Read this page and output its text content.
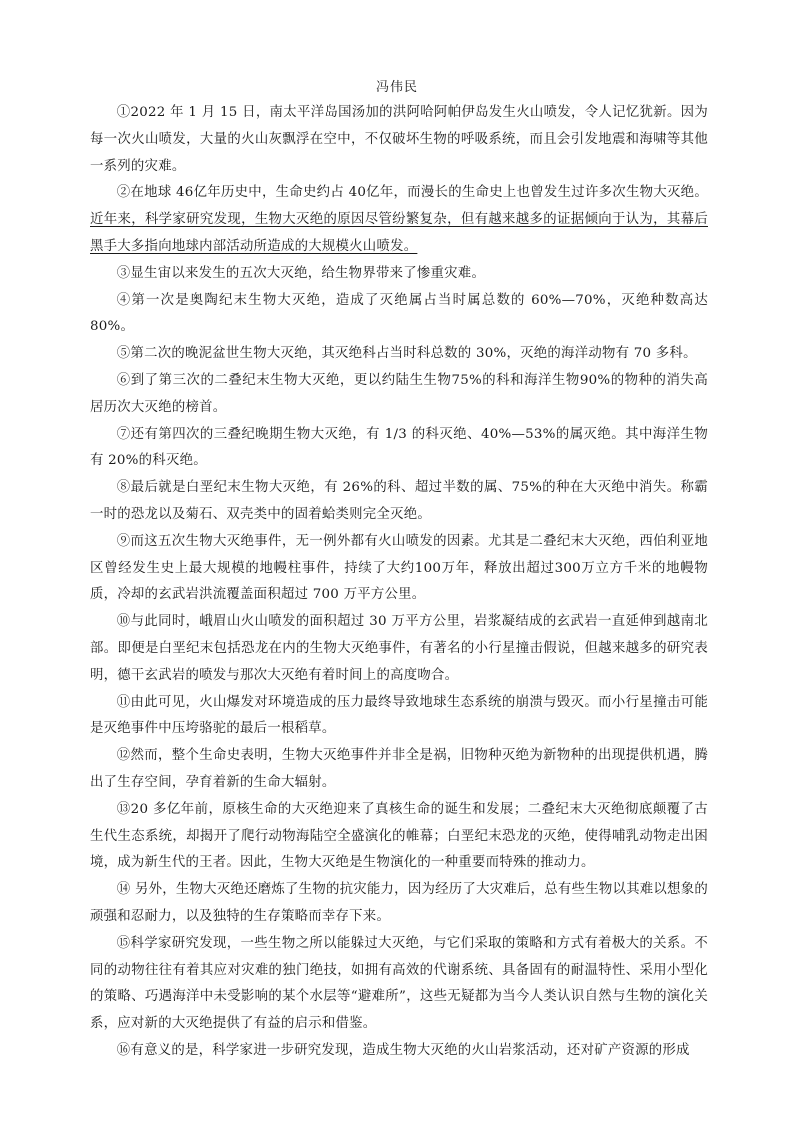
冯伟民

①2022 年 1 月 15 日，南太平洋岛国汤加的洪阿哈阿帕伊岛发生火山喷发，令人记忆犹新。因为每一次火山喷发，大量的火山灰飘浮在空中，不仅破坏生物的呼吸系统，而且会引发地震和海啸等其他一系列的灾难。

②在地球 46亿年历史中，生命史约占 40亿年，而漫长的生命史上也曾发生过许多次生物大灭绝。近年来，科学家研究发现，生物大灭绝的原因尽管纷繁复杂，但有越来越多的证据倾向于认为，其幕后黑手大多指向地球内部活动所造成的大规模火山喷发。

③显生宙以来发生的五次大灭绝，给生物界带来了惨重灾难。

④第一次是奥陶纪末生物大灭绝，造成了灭绝属占当时属总数的 60%—70%，灭绝种数高达 80%。

⑤第二次的晚泥盆世生物大灭绝，其灭绝科占当时科总数的 30%，灭绝的海洋动物有 70 多科。

⑥到了第三次的二叠纪末生物大灭绝，更以约陆生生物75%的科和海洋生物90%的物种的消失高居历次大灭绝的榜首。

⑦还有第四次的三叠纪晚期生物大灭绝，有 1/3 的科灭绝、40%—53%的属灭绝。其中海洋生物有 20%的科灭绝。

⑧最后就是白垩纪末生物大灭绝，有 26%的科、超过半数的属、75%的种在大灭绝中消失。称霸一时的恐龙以及菊石、双壳类中的固着蛤类则完全灭绝。

⑨而这五次生物大灭绝事件，无一例外都有火山喷发的因素。尤其是二叠纪末大灭绝，西伯利亚地区曾经发生史上最大规模的地幔柱事件，持续了大约100万年，释放出超过300万立方千米的地幔物质，冷却的玄武岩洪流覆盖面积超过 700 万平方公里。

⑩与此同时，峨眉山火山喷发的面积超过 30 万平方公里，岩浆凝结成的玄武岩一直延伸到越南北部。即便是白垩纪末包括恐龙在内的生物大灭绝事件，有著名的小行星撞击假说，但越来越多的研究表明，德干玄武岩的喷发与那次大灭绝有着时间上的高度吻合。

⑪由此可见，火山爆发对环境造成的压力最终导致地球生态系统的崩溃与毁灭。而小行星撞击可能是灭绝事件中压垮骆驼的最后一根稻草。

⑫然而，整个生命史表明，生物大灭绝事件并非全是祸，旧物种灭绝为新物种的出现提供机遇，腾出了生存空间，孕育着新的生命大辐射。

⑬20 多亿年前，原核生命的大灭绝迎来了真核生命的诞生和发展；二叠纪末大灭绝彻底颠覆了古生代生态系统，却揭开了爬行动物海陆空全盛演化的帷幕；白垩纪末恐龙的灭绝，使得哺乳动物走出困境，成为新生代的王者。因此，生物大灭绝是生物演化的一种重要而特殊的推动力。

⑭ 另外，生物大灭绝还磨炼了生物的抗灾能力，因为经历了大灾难后，总有些生物以其难以想象的顽强和忍耐力，以及独特的生存策略而幸存下来。

⑮科学家研究发现，一些生物之所以能躲过大灭绝，与它们采取的策略和方式有着极大的关系。不同的动物往往有着其应对灾难的独门绝技，如拥有高效的代谢系统、具备固有的耐温特性、采用小型化的策略、巧遇海洋中未受影响的某个水层等“避难所”，这些无疑都为当今人类认识自然与生物的演化关系，应对新的大灭绝提供了有益的启示和借鉴。

⑯有意义的是，科学家进一步研究发现，造成生物大灭绝的火山岩浆活动，还对矿产资源的形成
